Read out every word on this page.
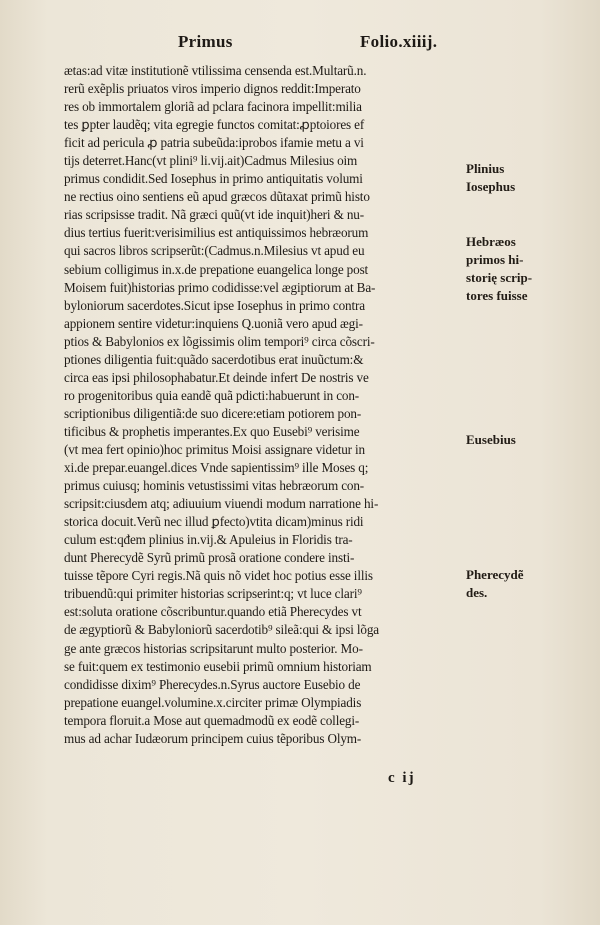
Primus	Folio.xiiij.
ætas:ad vitæ institutionẽ vtilissima censenda est.Multarũ.n.
rerũ exẽplis priuatos viros imperio dignos reddit:Imperato
res ob immortalem gloriã ad pclara facinora impellit:milia
tes ꝑpter laudẽq; vita egregie functos comitat:ꝓptoiores ef
ficit ad pericula ꝓ patria subeũda:iprobos ifamie metu a vi
tijs deterret.Hanc(vt plini⁹ li.vij.ait)Cadmus Milesius oim
primus condidit.Sed Iosephus in primo antiquitatis volumi
ne rectius oino sentiens eũ apud græcos dũtaxat primũ histo
rias scripsisse tradit. Nã græci quũ(vt ide inquit)heri & nu-
dius tertius fuerit:verisimilius est antiquissimos hebræorum
qui sacros libros scripserũt:(Cadmus.n.Milesius vt apud eu
sebium colligimus in.x.de prepatione euangelica longe post
Moisem fuit)historias primo codidisse:vel ægiptiorum at Ba-
byloniorum sacerdotes.Sicut ipse Iosephus in primo contra
appionem sentire videtur:inquiens Q.uoniã vero apud ægi-
ptios & Babylonios ex lõgissimis olim tempori⁹ circa cõscri-
ptiones diligentia fuit:quãdo sacerdotibus erat inuũctum:&
circa eas ipsi philosophabatur.Et deinde infert De nostris ve
ro progenitoribus quia eandẽ quã pdicti:habuerunt in con-
scriptionibus diligentiã:de suo dicere:etiam potiorem pon-
tificibus & prophetis imperantes.Ex quo Eusebi⁹ verisime
(vt mea fert opinio)hoc primitus Moisi assignare videtur in
xi.de prepar.euangel.dices Vnde sapientissim⁹ ille Moses q;
primus cuiusq; hominis vetustissimi vitas hebræorum con-
scripsit:ciusdem atq; adiuuium viuendi modum narratione hi-
storica docuit.Verũ nec illud ꝑfecto)vtita dicam)minus ridi
culum est:qđem plinius in.vij.& Apuleius in Floridis tra-
dunt Pherecydẽ Syrũ primũ prosã oratione condere insti-
tuisse tẽpore Cyri regis.Nã quis nõ videt hoc potius esse illis
tribuendũ:qui primiter historias scripserint:q; vt luce clari⁹
est:soluta oratione cõscribuntur.quando etiã Pherecydes vt
de ægyptiorũ & Babyloniorũ sacerdotib⁹ sileã:qui & ipsi lõga
ge ante græcos historias scripsitarunt multo posterior. Mo-
se fuit:quem ex testimonio eusebii primũ omnium historiam
condidisse dixim⁹ Pherecydes.n.Syrus auctore Eusebio de
prepatione euangel.volumine.x.circiter primæ Olympiadis
tempora floruit.a Mose aut quemadmodũ ex eodẽ collegi-
mus ad achar Iudæorum principem cuius tẽporibus Olym-
Plinius
Iosephus
Hebræos
primos hi-
storię scrip-
tores fuisse
Eusebius
Pherecydẽ
des.
c ij
